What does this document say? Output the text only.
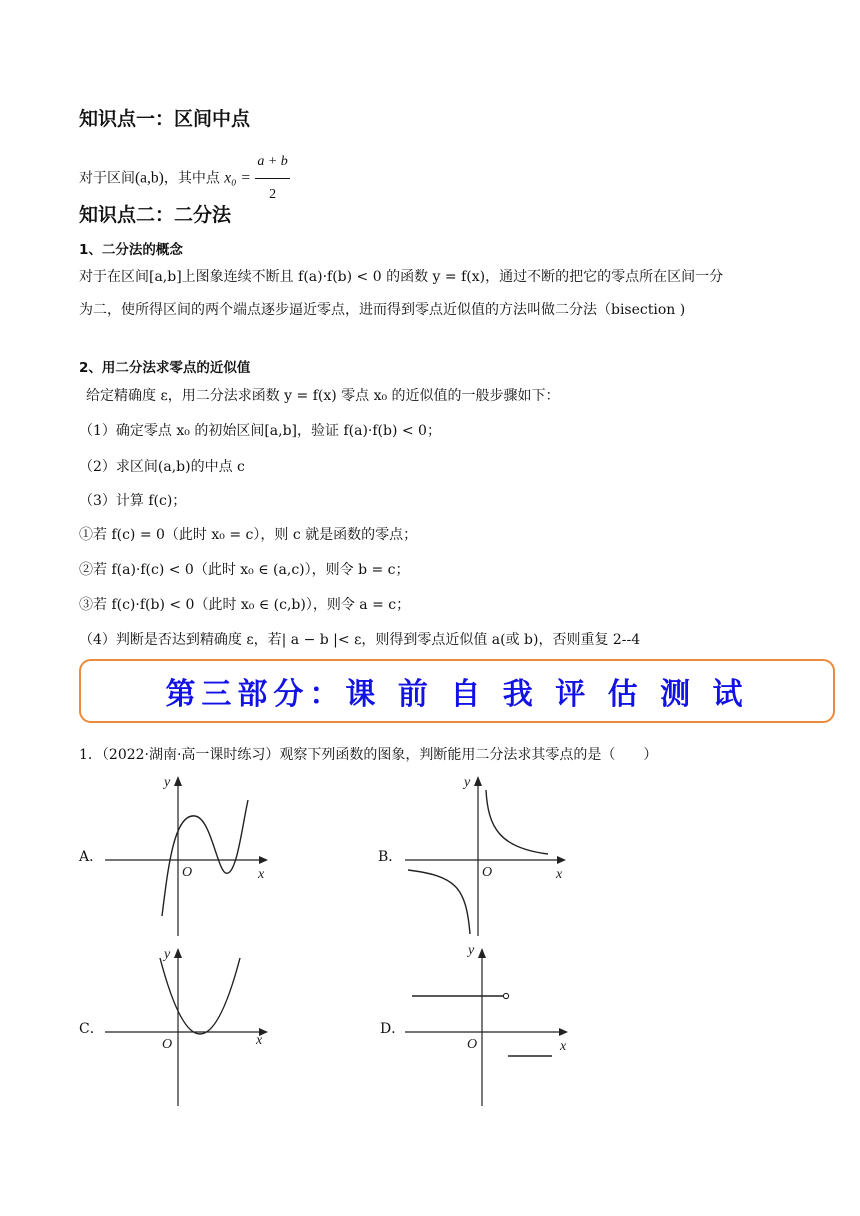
知识点一：区间中点
对于区间(a,b)，其中点 $x_0 = \frac{a + b}{2}$
知识点二：二分法
1、二分法的概念
对于在区间[a,b]上图象连续不断且 f(a)·f(b) < 0 的函数 y = f(x)，通过不断的把它的零点所在区间一分
为二，使所得区间的两个端点逐步逼近零点，进而得到零点近似值的方法叫做二分法（bisection )
2、用二分法求零点的近似值
给定精确度 ε，用二分法求函数 y = f(x) 零点 x₀ 的近似值的一般步骤如下：
（1）确定零点 x₀ 的初始区间[a,b]，验证 f(a)·f(b) < 0；
（2）求区间(a,b)的中点 c
（3）计算 f(c)；
①若 f(c) = 0（此时 x₀ = c），则 c 就是函数的零点；
②若 f(a)·f(c) < 0（此时 x₀ ∈ (a,c)），则令 b = c；
③若 f(c)·f(b) < 0（此时 x₀ ∈ (c,b)），则令 a = c；
（4）判断是否达到精确度 ε，若| a − b |< ε，则得到零点近似值 a(或 b)，否则重复 2--4
第三部分：课 前 自 我 评 估 测 试
1．（2022·湖南·高一课时练习）观察下列函数的图象，判断能用二分法求其零点的是（　　）
A．
y
x
O
B．
y
x
O
C．
y
x
O
D．
y
x
O
